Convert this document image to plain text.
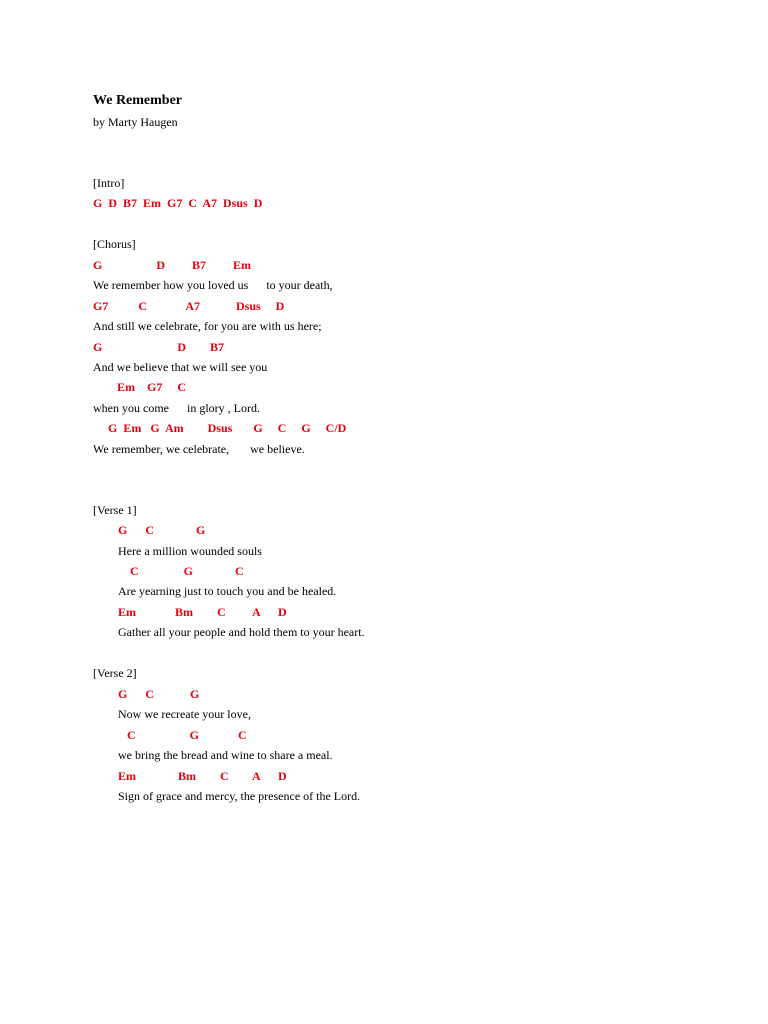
We Remember
by Marty Haugen
[Intro]
G  D  B7  Em  G7  C  A7  Dsus  D
[Chorus]
G                  D         B7         Em
We remember how you loved us      to your death,
G7          C             A7            Dsus     D
And still we celebrate, for you are with us here;
G                         D        B7
And we believe that we will see you
Em    G7     C
when you come      in glory , Lord.
G  Em   G  Am        Dsus       G     C     G     C/D
We remember, we celebrate,       we believe.
[Verse 1]
G      C              G
Here a million wounded souls
C               G              C
Are yearning just to touch you and be healed.
Em             Bm        C         A      D
Gather all your people and hold them to your heart.
[Verse 2]
G      C            G
Now we recreate your love,
C                  G             C
we bring the bread and wine to share a meal.
Em              Bm        C        A      D
Sign of grace and mercy, the presence of the Lord.
